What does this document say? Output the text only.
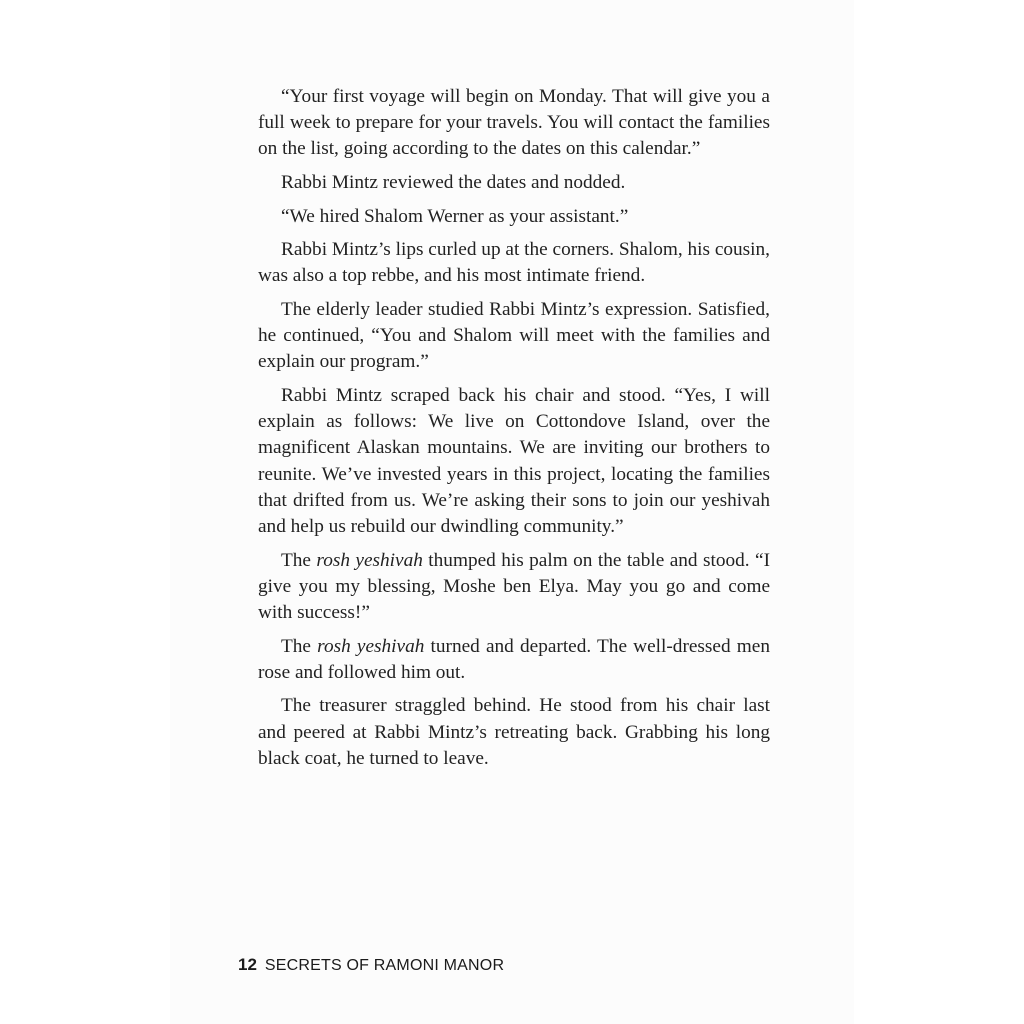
“Your first voyage will begin on Monday. That will give you a full week to prepare for your travels. You will contact the families on the list, going according to the dates on this calendar.”

Rabbi Mintz reviewed the dates and nodded.

“We hired Shalom Werner as your assistant.”

Rabbi Mintz’s lips curled up at the corners. Shalom, his cousin, was also a top rebbe, and his most intimate friend.

The elderly leader studied Rabbi Mintz’s expression. Satisfied, he continued, “You and Shalom will meet with the families and explain our program.”

Rabbi Mintz scraped back his chair and stood. “Yes, I will explain as follows: We live on Cottondove Island, over the magnificent Alaskan mountains. We are inviting our brothers to reunite. We’ve invested years in this project, locating the families that drifted from us. We’re asking their sons to join our yeshivah and help us rebuild our dwindling community.”

The rosh yeshivah thumped his palm on the table and stood. “I give you my blessing, Moshe ben Elya. May you go and come with success!”

The rosh yeshivah turned and departed. The well-dressed men rose and followed him out.

The treasurer straggled behind. He stood from his chair last and peered at Rabbi Mintz’s retreating back. Grabbing his long black coat, he turned to leave.

12 SECRETS OF RAMONI MANOR
